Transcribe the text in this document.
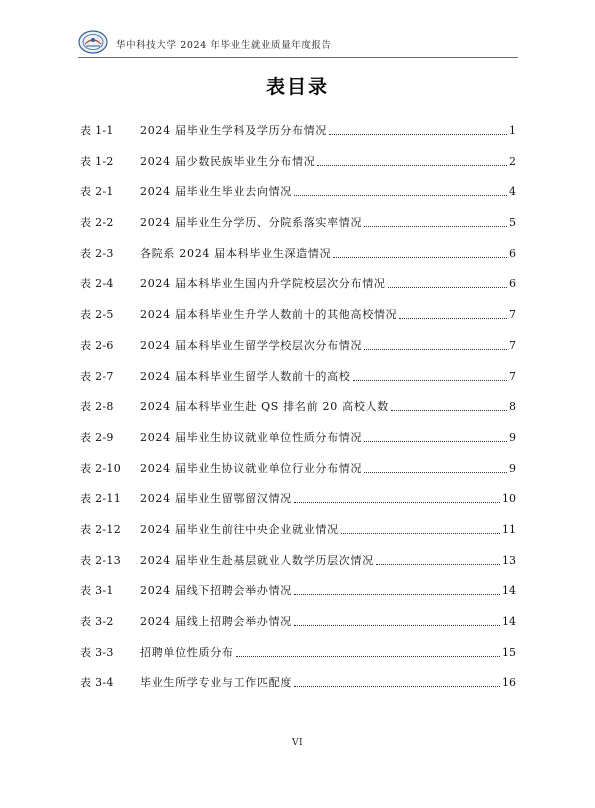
华中科技大学 2024 年毕业生就业质量年度报告
表目录
表 1-1	2024 届毕业生学科及学历分布情况	1
表 1-2	2024 届少数民族毕业生分布情况	2
表 2-1	2024 届毕业生毕业去向情况	4
表 2-2	2024 届毕业生分学历、分院系落实率情况	5
表 2-3	各院系 2024 届本科毕业生深造情况	6
表 2-4	2024 届本科毕业生国内升学院校层次分布情况	6
表 2-5	2024 届本科毕业生升学人数前十的其他高校情况	7
表 2-6	2024 届本科毕业生留学学校层次分布情况	7
表 2-7	2024 届本科毕业生留学人数前十的高校	7
表 2-8	2024 届本科毕业生赴 QS 排名前 20 高校人数	8
表 2-9	2024 届毕业生协议就业单位性质分布情况	9
表 2-10	2024 届毕业生协议就业单位行业分布情况	9
表 2-11	2024 届毕业生留鄂留汉情况	10
表 2-12	2024 届毕业生前往中央企业就业情况	11
表 2-13	2024 届毕业生赴基层就业人数学历层次情况	13
表 3-1	2024 届线下招聘会举办情况	14
表 3-2	2024 届线上招聘会举办情况	14
表 3-3	招聘单位性质分布	15
表 3-4	毕业生所学专业与工作匹配度	16
VI
